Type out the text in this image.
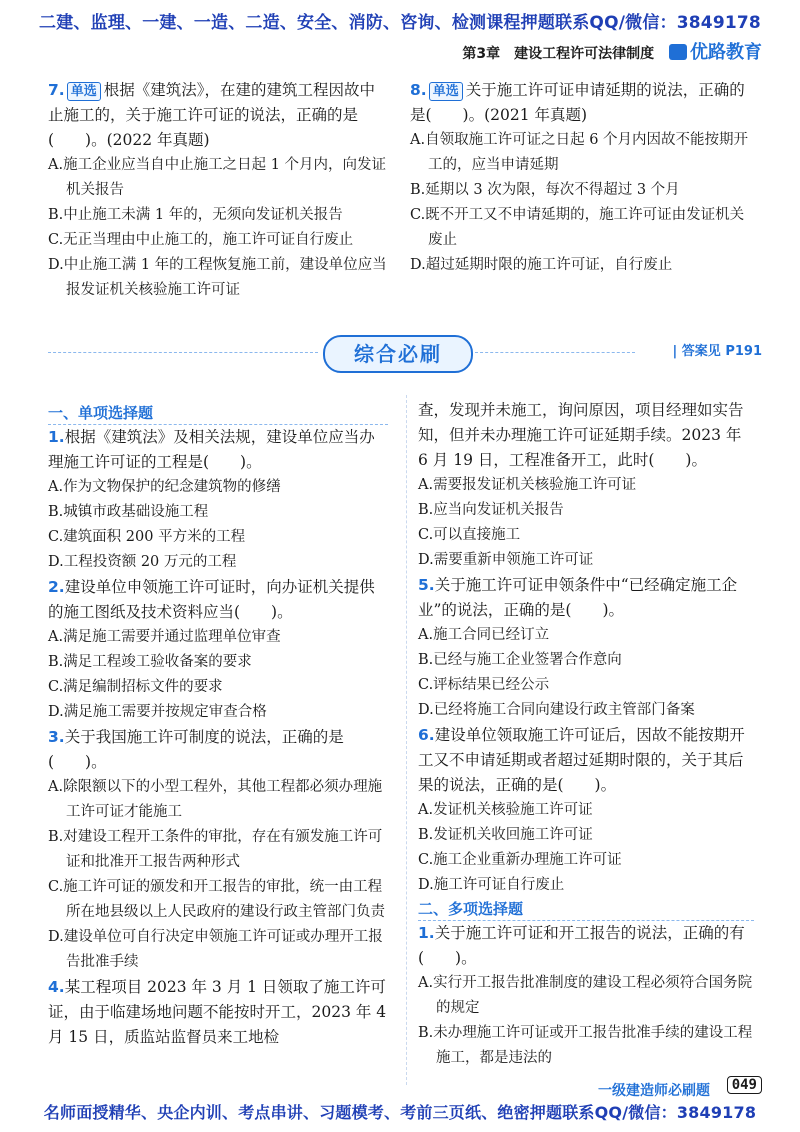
二建、监理、一建、一造、二造、安全、消防、咨询、检测课程押题联系QQ/微信：3849178
第3章　建设工程许可法律制度 优路教育
7. 单选 根据《建筑法》，在建的建筑工程因故中止施工的，关于施工许可证的说法，正确的是(　　)。(2022 年真题)
A.施工企业应当自中止施工之日起 1 个月内，向发证机关报告
B.中止施工未满 1 年的，无须向发证机关报告
C.无正当理由中止施工的，施工许可证自行废止
D.中止施工满 1 年的工程恢复施工前，建设单位应当报发证机关核验施工许可证
8. 单选 关于施工许可证申请延期的说法，正确的是(　　)。(2021 年真题)
A.自领取施工许可证之日起 6 个月内因故不能按期开工的，应当申请延期
B.延期以 3 次为限，每次不得超过 3 个月
C.既不开工又不申请延期的，施工许可证由发证机关废止
D.超过延期时限的施工许可证，自行废止
综合必刷	| 答案见 P191
一、单项选择题
1.根据《建筑法》及相关法规，建设单位应当办理施工许可证的工程是(　　)。
A.作为文物保护的纪念建筑物的修缮
B.城镇市政基础设施工程
C.建筑面积 200 平方米的工程
D.工程投资额 20 万元的工程
2.建设单位申领施工许可证时，向办证机关提供的施工图纸及技术资料应当(　　)。
A.满足施工需要并通过监理单位审查
B.满足工程竣工验收备案的要求
C.满足编制招标文件的要求
D.满足施工需要并按规定审查合格
3.关于我国施工许可制度的说法，正确的是(　　)。
A.除限额以下的小型工程外，其他工程都必须办理施工许可证才能施工
B.对建设工程开工条件的审批，存在有颁发施工许可证和批准开工报告两种形式
C.施工许可证的颁发和开工报告的审批，统一由工程所在地县级以上人民政府的建设行政主管部门负责
D.建设单位可自行决定申领施工许可证或办理开工报告批准手续
4.某工程项目 2023 年 3 月 1 日领取了施工许可证，由于临建场地问题不能按时开工，2023 年 4 月 15 日，质监站监督员来工地检
查，发现并未施工，询问原因，项目经理如实告知，但并未办理施工许可证延期手续。2023 年 6 月 19 日，工程准备开工，此时(　　)。
A.需要报发证机关核验施工许可证
B.应当向发证机关报告
C.可以直接施工
D.需要重新申领施工许可证
5.关于施工许可证申领条件中“已经确定施工企业”的说法，正确的是(　　)。
A.施工合同已经订立
B.已经与施工企业签署合作意向
C.评标结果已经公示
D.已经将施工合同向建设行政主管部门备案
6.建设单位领取施工许可证后，因故不能按期开工又不申请延期或者超过延期时限的，关于其后果的说法，正确的是(　　)。
A.发证机关核验施工许可证
B.发证机关收回施工许可证
C.施工企业重新办理施工许可证
D.施工许可证自行废止
二、多项选择题
1.关于施工许可证和开工报告的说法，正确的有(　　)。
A.实行开工报告批准制度的建设工程必须符合国务院的规定
B.未办理施工许可证或开工报告批准手续的建设工程施工，都是违法的
一级建造师必刷题	049
名师面授精华、央企内训、考点串讲、习题模考、考前三页纸、绝密押题联系QQ/微信：3849178
